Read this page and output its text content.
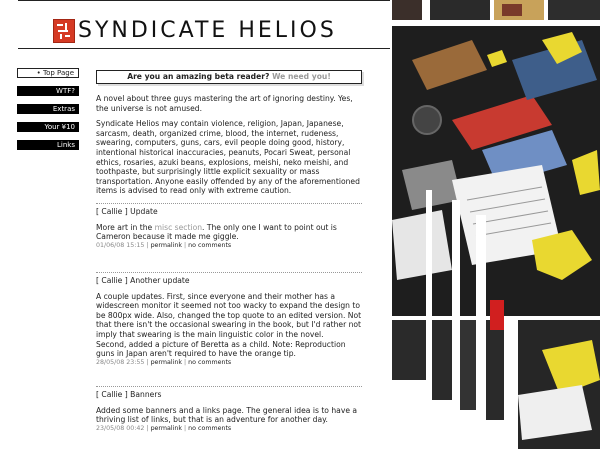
SYNDICATE HELIOS
• Top Page
WTF?
Extras
Your ¥10
Links
Are you an amazing beta reader? We need you!

A novel about three guys mastering the art of ignoring destiny. Yes, the universe is not amused.

Syndicate Helios may contain violence, religion, Japan, Japanese, sarcasm, death, organized crime, blood, the internet, rudeness, swearing, computers, guns, cars, evil people doing good, history, intentional historical inaccuracies, peanuts, Pocari Sweat, personal ethics, rosaries, azuki beans, explosions, meishi, neko meishi, and toothpaste, but surprisingly little explicit sexuality or mass transportation. Anyone easily offended by any of the aforementioned items is advised to read only with extreme caution.

[ Callie ] Update

More art in the misc section. The only one I want to point out is Cameron because it made me giggle.

01/06/08 15:15 | permalink | no comments
[ Callie ] Another update

A couple updates. First, since everyone and their mother has a widescreen monitor it seemed not too wacky to expand the design to be 800px wide. Also, changed the top quote to an edited version. Not that there isn't the occasional swearing in the book, but I'd rather not imply that swearing is the main linguistic color in the novel.

Second, added a picture of Beretta as a child. Note: Reproduction guns in Japan aren't required to have the orange tip.

28/05/08 23:55 | permalink | no comments
[ Callie ] Banners

Added some banners and a links page. The general idea is to have a thriving list of links, but that is an adventure for another day.

23/05/08 00:42 | permalink | no comments
